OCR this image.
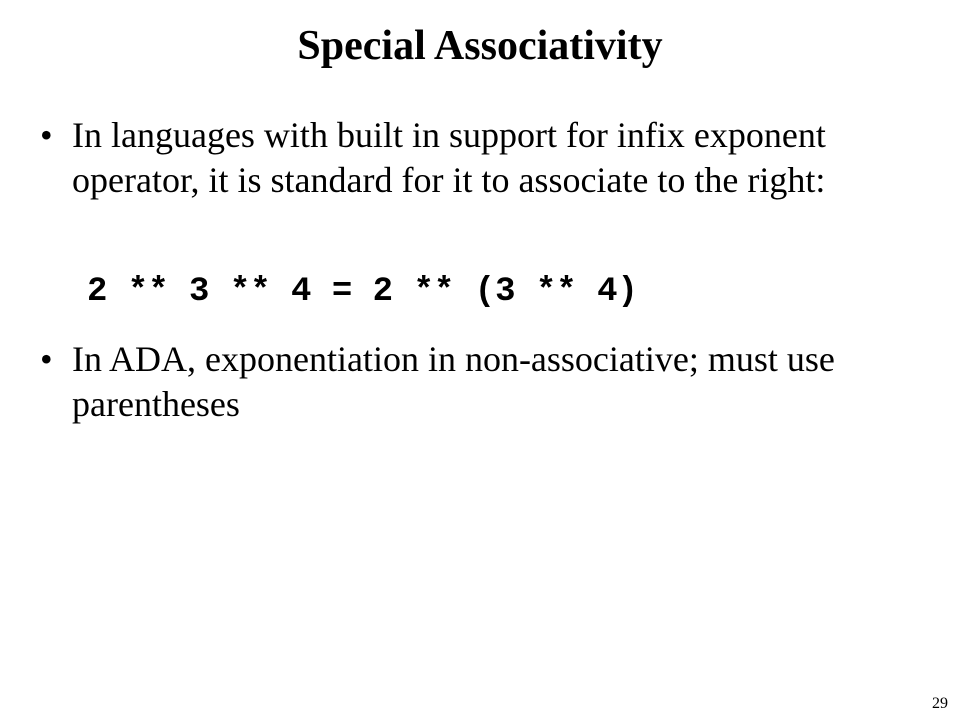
Special Associativity
• In languages with built in support for infix exponent operator, it is standard for it to associate to the right:
2 ** 3 ** 4 = 2 ** (3 ** 4)
• In ADA, exponentiation in non-associative; must use parentheses
29
